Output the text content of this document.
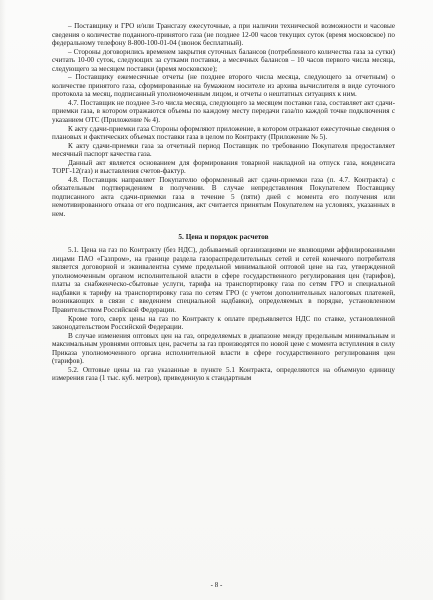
– Поставщику и ГРО и/или Трансгазу ежесуточные, а при наличии технической возможности и часовые сведения о количестве поданного-принятого газа (не позднее 12-00 часов текущих суток (время московское) по федеральному телефону 8-800-100-01-04 (звонок бесплатный).

– Стороны договорились временем закрытия суточных балансов (потребленного количества газа за сутки) считать 10-00 суток, следующих за сутками поставки, а месячных балансов – 10 часов первого числа месяца, следующего за месяцем поставки (время московское);

– Поставщику ежемесячные отчеты (не позднее второго числа месяца, следующего за отчетным) о количестве принятого газа, сформированные на бумажном носителе из архива вычислителя в виде суточного протокола за месяц, подписанный уполномоченным лицом, и отчеты о нештатных ситуациях к ним.

4.7. Поставщик не позднее 3-го числа месяца, следующего за месяцем поставки газа, составляет акт сдачи-приемки газа, в котором отражаются объемы по каждому месту передачи газа/по каждой точке подключения с указанием ОТС (Приложение № 4).

К акту сдачи-приемки газа Стороны оформляют приложение, в котором отражают ежесуточные сведения о плановых и фактических объемах поставки газа в целом по Контракту (Приложение № 5).

К акту сдачи-приемки газа за отчетный период Поставщик по требованию Покупателя предоставляет месячный паспорт качества газа.

Данный акт является основанием для формирования товарной накладной на отпуск газа, конденсата ТОРГ-12(газ) и выставления счетов-фактур.

4.8. Поставщик направляет Покупателю оформленный акт сдачи-приемки газа (п. 4.7. Контракта) с обязательным подтверждением в получении. В случае непредставления Покупателем Поставщику подписанного акта сдачи-приемки газа в течение 5 (пяти) дней с момента его получения или немотивированного отказа от его подписания, акт считается принятым Покупателем на условиях, указанных в нем.

5. Цена и порядок расчетов

5.1. Цена на газ по Контракту (без НДС), добываемый организациями не являющими аффилированными лицами ПАО «Газпром», на границе раздела газораспределительных сетей и сетей конечного потребителя является договорной и эквивалентна сумме предельной минимальной оптовой цене на газ, утвержденной уполномоченным органом исполнительной власти в сфере государственного регулирования цен (тарифов), платы за снабженческо-сбытовые услуги, тарифа на транспортировку газа по сетям ГРО и специальной надбавки к тарифу на транспортировку газа по сетям ГРО (с учетом дополнительных налоговых платежей, возникающих в связи с введением специальной надбавки), определяемых в порядке, установленном Правительством Российской Федерации.

Кроме того, сверх цены на газ по Контракту к оплате предъявляется НДС по ставке, установленной законодательством Российской Федерации.

В случае изменения оптовых цен на газ, определяемых в диапазоне между предельным минимальным и максимальным уровнями оптовых цен, расчеты за газ производятся по новой цене с момента вступления в силу Приказа уполномоченного органа исполнительной власти в сфере государственного регулирования цен (тарифов).

5.2. Оптовые цены на газ указанные в пункте 5.1 Контракта, определяются на объемную единицу измерения газа (1 тыс. куб. метров), приведенную к стандартным

- 8 -
